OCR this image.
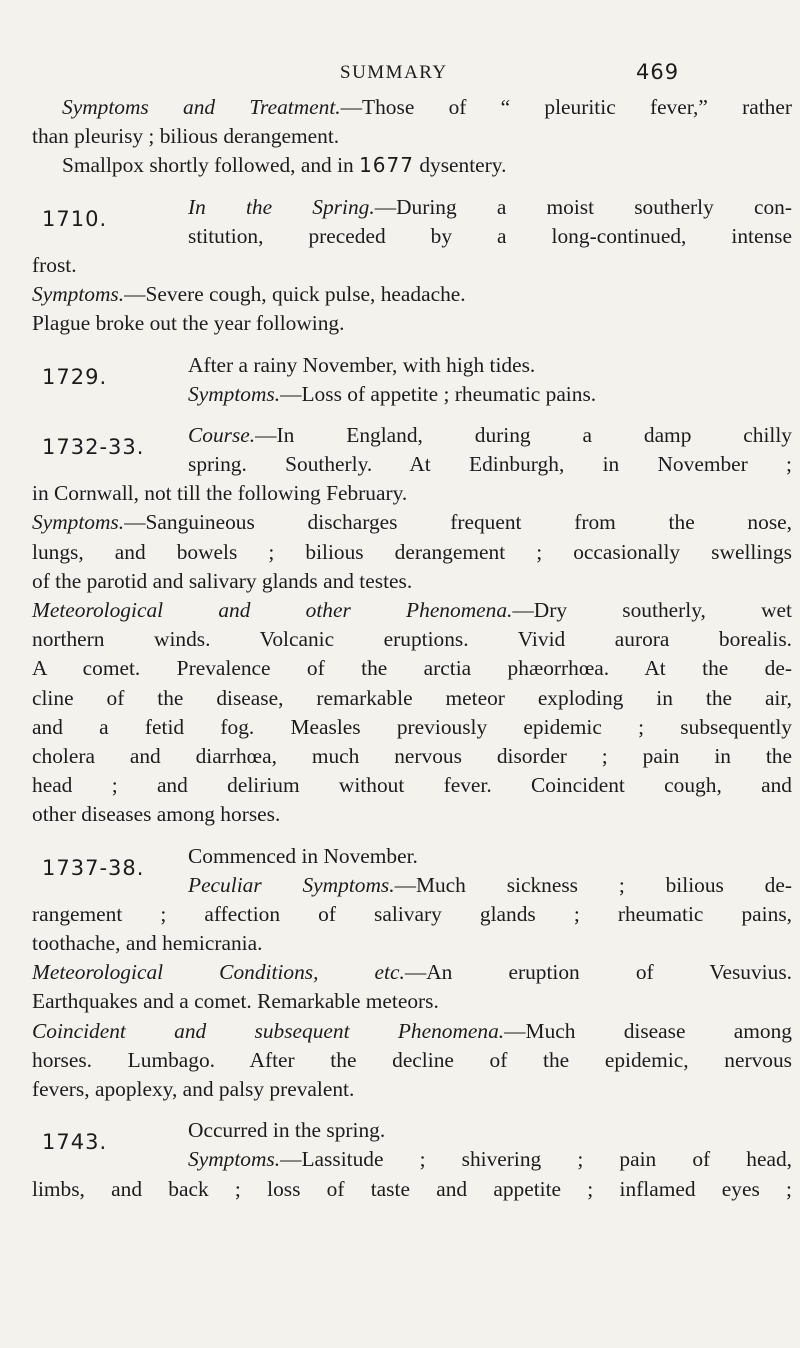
SUMMARY	469
Symptoms and Treatment.—Those of “ pleuritic fever,” rather
than pleurisy ; bilious derangement.
Smallpox shortly followed, and in 1677 dysentery.
1710.	In the Spring.—During a moist southerly con-
stitution, preceded by a long-continued, intense
frost.
Symptoms.—Severe cough, quick pulse, headache.
Plague broke out the year following.
1729.	After a rainy November, with high tides.
Symptoms.—Loss of appetite ; rheumatic pains.
1732-33.	Course.—In England, during a damp chilly
spring. Southerly. At Edinburgh, in November ;
in Cornwall, not till the following February.
Symptoms.—Sanguineous discharges frequent from the nose,
lungs, and bowels ; bilious derangement ; occasionally swellings
of the parotid and salivary glands and testes.
Meteorological and other Phenomena.—Dry southerly, wet
northern winds. Volcanic eruptions. Vivid aurora borealis.
A comet. Prevalence of the arctia phæorrhœa. At the de-
cline of the disease, remarkable meteor exploding in the air,
and a fetid fog. Measles previously epidemic ; subsequently
cholera and diarrhœa, much nervous disorder ; pain in the
head ; and delirium without fever. Coincident cough, and
other diseases among horses.
1737-38.	Commenced in November.
Peculiar Symptoms.—Much sickness ; bilious de-
rangement ; affection of salivary glands ; rheumatic pains,
toothache, and hemicrania.
Meteorological Conditions, etc.—An eruption of Vesuvius.
Earthquakes and a comet. Remarkable meteors.
Coincident and subsequent Phenomena.—Much disease among
horses. Lumbago. After the decline of the epidemic, nervous
fevers, apoplexy, and palsy prevalent.
1743.	Occurred in the spring.
Symptoms.—Lassitude ; shivering ; pain of head,
limbs, and back ; loss of taste and appetite ; inflamed eyes ;
